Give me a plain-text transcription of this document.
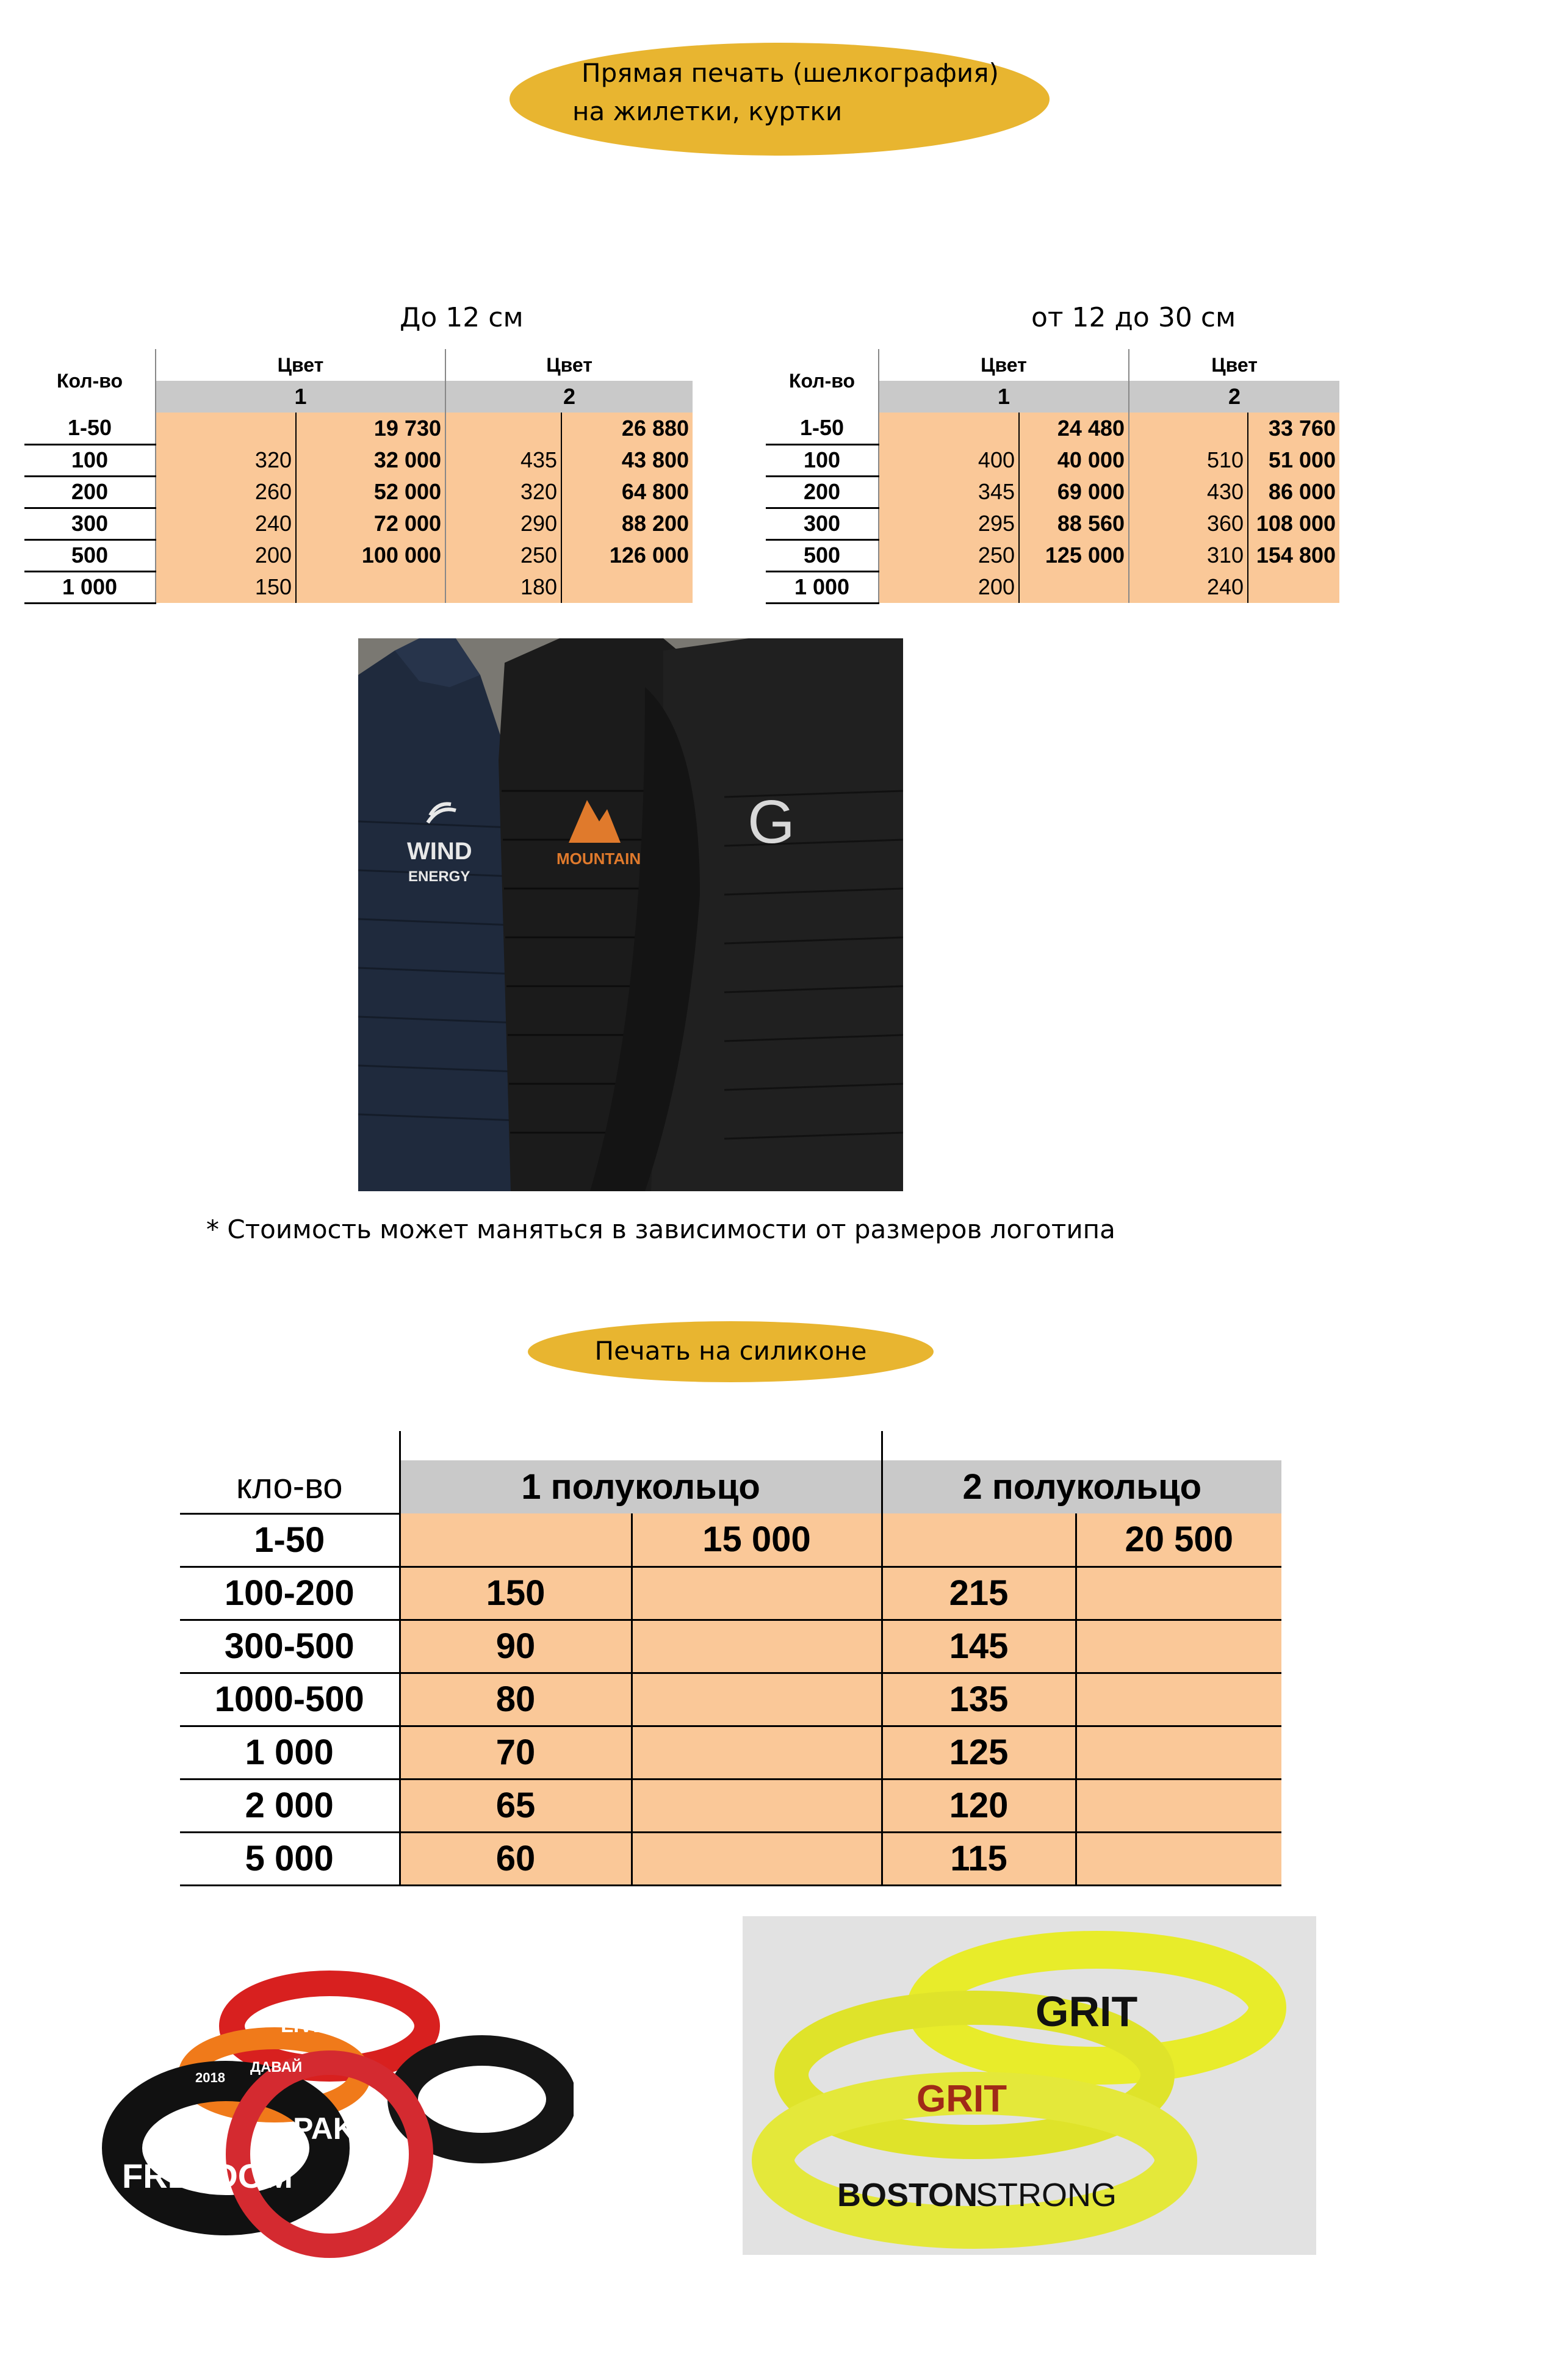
Прямая печать (шелкография)
на жилетки, куртки
До 12 см	от 12 до 30 см
Кол-во	Цвет		Цвет	
	1		2	
1-50		19 730		26 880
100	320	32 000	435	43 800
200	260	52 000	320	64 800
300	240	72 000	290	88 200
500	200	100 000	250	126 000
1 000	150		180	
Кол-во	Цвет		Цвет	
	1		2	
1-50		24 480		33 760
100	400	40 000	510	51 000
200	345	69 000	430	86 000
300	295	88 560	360	108 000
500	250	125 000	310	154 800
1 000	200		240	
WIND
ENERGY
MOUNTAIN
G
* Стоимость может маняться в зависимости от размеров логотипа
Печать на силиконе

кло-во	1 полукольцо		2 полукольцо	
1-50		15 000		20 500
100-200	150		215	
300-500	90		145	
1000-500	80		135	
1 000	70		125	
2 000	65		120	
5 000	60		115	
LIVE.LOVE
FREEDOM
PAKI
OUND.
ДАВАЙ
2018
GRIT
GRIT
BOSTON
STRONG
